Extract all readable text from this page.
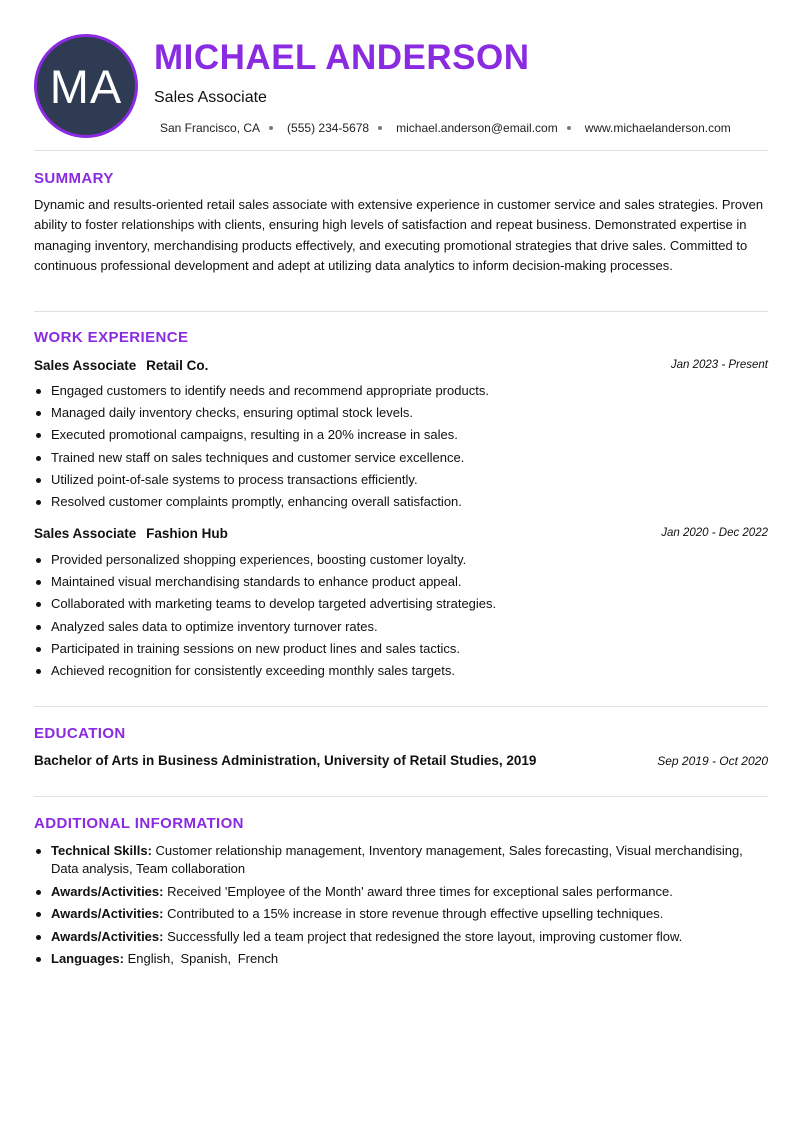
MA
MICHAEL ANDERSON
Sales Associate
San Francisco, CA (555) 234-5678 michael.anderson@email.com www.michaelanderson.com
SUMMARY
Dynamic and results-oriented retail sales associate with extensive experience in customer service and sales strategies. Proven ability to foster relationships with clients, ensuring high levels of satisfaction and repeat business. Demonstrated expertise in managing inventory, merchandising products effectively, and executing promotional strategies that drive sales. Committed to continuous professional development and adept at utilizing data analytics to inform decision-making processes.
WORK EXPERIENCE
Sales Associate Retail Co.	Jan 2023 - Present
Engaged customers to identify needs and recommend appropriate products.
Managed daily inventory checks, ensuring optimal stock levels.
Executed promotional campaigns, resulting in a 20% increase in sales.
Trained new staff on sales techniques and customer service excellence.
Utilized point-of-sale systems to process transactions efficiently.
Resolved customer complaints promptly, enhancing overall satisfaction.
Sales Associate Fashion Hub	Jan 2020 - Dec 2022
Provided personalized shopping experiences, boosting customer loyalty.
Maintained visual merchandising standards to enhance product appeal.
Collaborated with marketing teams to develop targeted advertising strategies.
Analyzed sales data to optimize inventory turnover rates.
Participated in training sessions on new product lines and sales tactics.
Achieved recognition for consistently exceeding monthly sales targets.
EDUCATION
Bachelor of Arts in Business Administration, University of Retail Studies, 2019	Sep 2019 - Oct 2020
ADDITIONAL INFORMATION
Technical Skills: Customer relationship management, Inventory management, Sales forecasting, Visual merchandising, Data analysis, Team collaboration
Awards/Activities: Received 'Employee of the Month' award three times for exceptional sales performance.
Awards/Activities: Contributed to a 15% increase in store revenue through effective upselling techniques.
Awards/Activities: Successfully led a team project that redesigned the store layout, improving customer flow.
Languages: English, Spanish, French
